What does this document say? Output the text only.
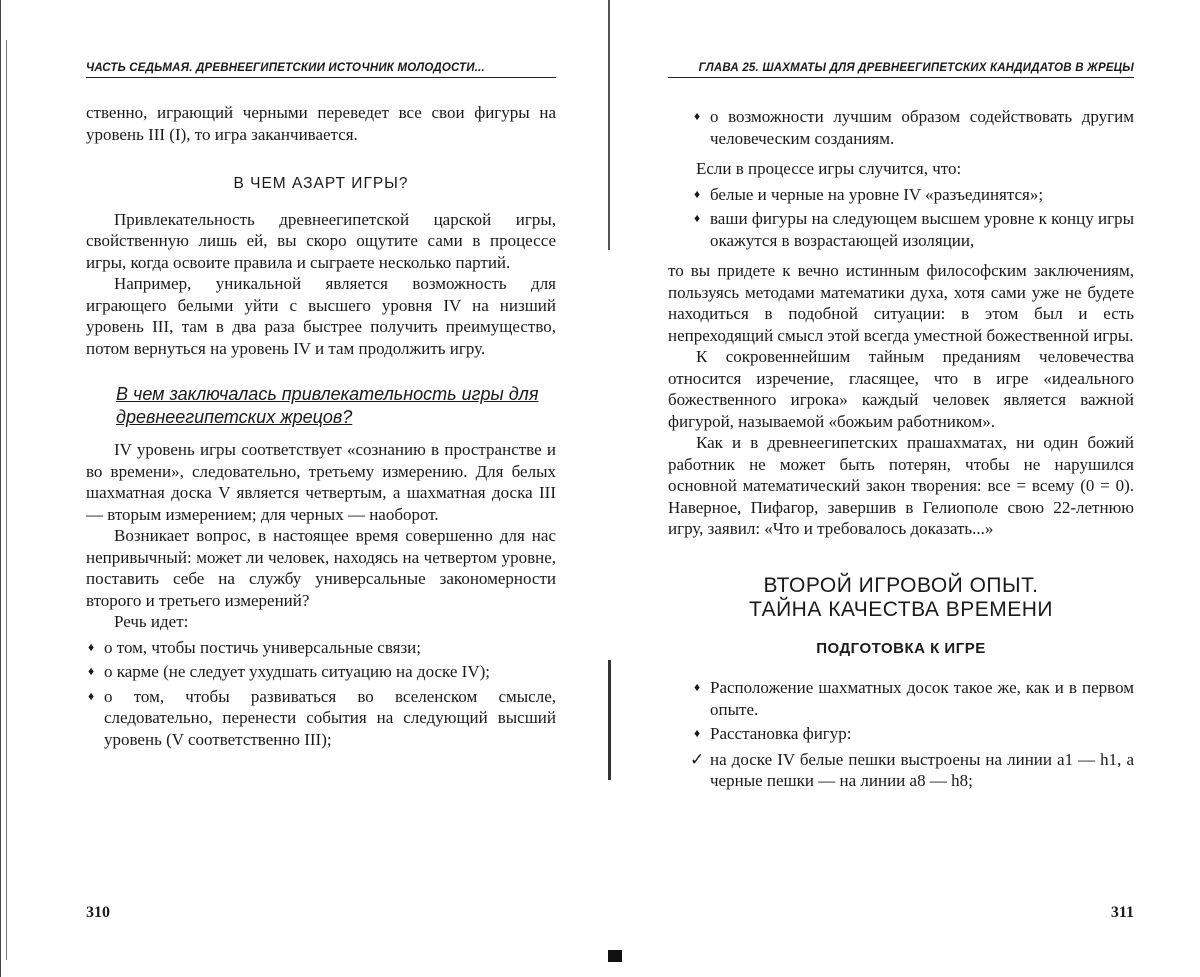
ЧАСТЬ СЕДЬМАЯ. ДРЕВНЕЕГИПЕТСКИЙ ИСТОЧНИК МОЛОДОСТИ...

ственно, играющий черными переведет все свои фигуры на уровень III (I), то игра заканчивается.

В ЧЕМ АЗАРТ ИГРЫ?

Привлекательность древнеегипетской царской игры, свойственную лишь ей, вы скоро ощутите сами в процессе игры, когда освоите правила и сыграете несколько партий.

Например, уникальной является возможность для играющего белыми уйти с высшего уровня IV на низший уровень III, там в два раза быстрее получить преимущество, потом вернуться на уровень IV и там продолжить игру.

В чем заключалась привлекательность игры для древнеегипетских жрецов?

IV уровень игры соответствует «сознанию в пространстве и во времени», следовательно, третьему измерению. Для белых шахматная доска V является четвертым, а шахматная доска III — вторым измерением; для черных — наоборот.

Возникает вопрос, в настоящее время совершенно для нас непривычный: может ли человек, находясь на четвертом уровне, поставить себе на службу универсальные закономерности второго и третьего измерений?

Речь идет:

♦ о том, чтобы постичь универсальные связи;
♦ о карме (не следует ухудшать ситуацию на доске IV);
♦ о том, чтобы развиваться во вселенском смысле, следовательно, перенести события на следующий высший уровень (V соответственно III);
310
ГЛАВА 25. ШАХМАТЫ ДЛЯ ДРЕВНЕЕГИПЕТСКИХ КАНДИДАТОВ В ЖРЕЦЫ
♦ о возможности лучшим образом содействовать другим человеческим созданиям.

Если в процессе игры случится, что:

♦ белые и черные на уровне IV «разъединятся»;
♦ ваши фигуры на следующем высшем уровне к концу игры окажутся в возрастающей изоляции,

то вы придете к вечно истинным философским заключениям, пользуясь методами математики духа, хотя сами уже не будете находиться в подобной ситуации: в этом был и есть непреходящий смысл этой всегда уместной божественной игры.

К сокровеннейшим тайным преданиям человечества относится изречение, гласящее, что в игре «идеального божественного игрока» каждый человек является важной фигурой, называемой «божьим работником».

Как и в древнеегипетских прашахматах, ни один божий работник не может быть потерян, чтобы не нарушился основной математический закон творения: все = всему (0 = 0). Наверное, Пифагор, завершив в Гелиополе свою 22-летнюю игру, заявил: «Что и требовалось доказать...»

ВТОРОЙ ИГРОВОЙ ОПЫТ.
ТАЙНА КАЧЕСТВА ВРЕМЕНИ
ПОДГОТОВКА К ИГРЕ
♦ Расположение шахматных досок такое же, как и в первом опыте.
♦ Расстановка фигур:
✓ на доске IV белые пешки выстроены на линии a1 — h1, а черные пешки — на линии a8 — h8;
311
